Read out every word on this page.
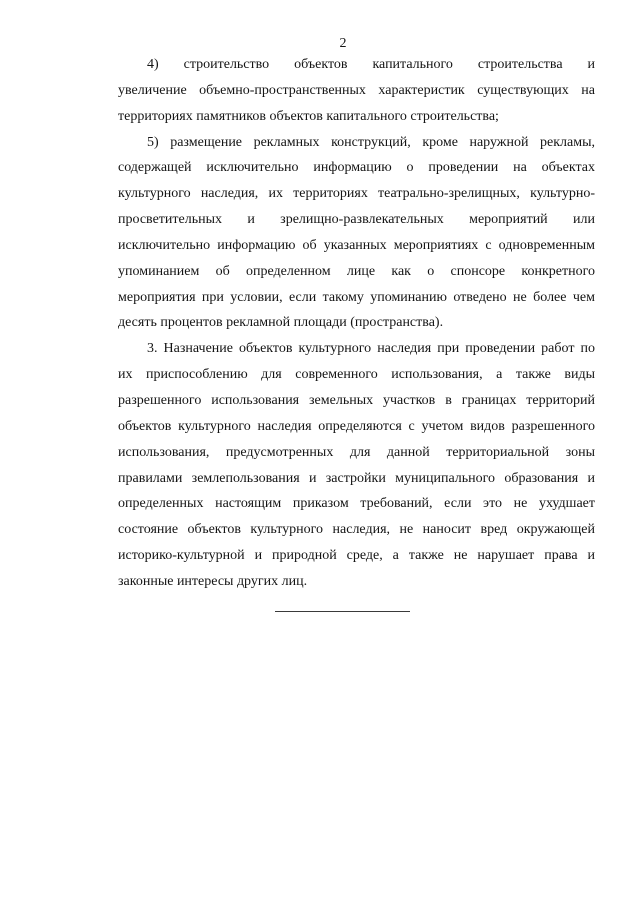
2
4) строительство объектов капитального строительства и
увеличение объемно-пространственных характеристик существующих на
территориях памятников объектов капитального строительства;
5) размещение рекламных конструкций, кроме наружной рекламы,
содержащей исключительно информацию о проведении на объектах
культурного наследия, их территориях театрально-зрелищных, культурно-
просветительных и зрелищно-развлекательных мероприятий или
исключительно информацию об указанных мероприятиях с одновременным
упоминанием об определенном лице как о спонсоре конкретного
мероприятия при условии, если такому упоминанию отведено не более чем
десять процентов рекламной площади (пространства).
3. Назначение объектов культурного наследия при проведении работ по
их приспособлению для современного использования, а также виды
разрешенного использования земельных участков в границах территорий
объектов культурного наследия определяются с учетом видов разрешенного
использования, предусмотренных для данной территориальной зоны
правилами землепользования и застройки муниципального образования и
определенных настоящим приказом требований, если это не ухудшает
состояние объектов культурного наследия, не наносит вред окружающей
историко-культурной и природной среде, а также не нарушает права и
законные интересы других лиц.
